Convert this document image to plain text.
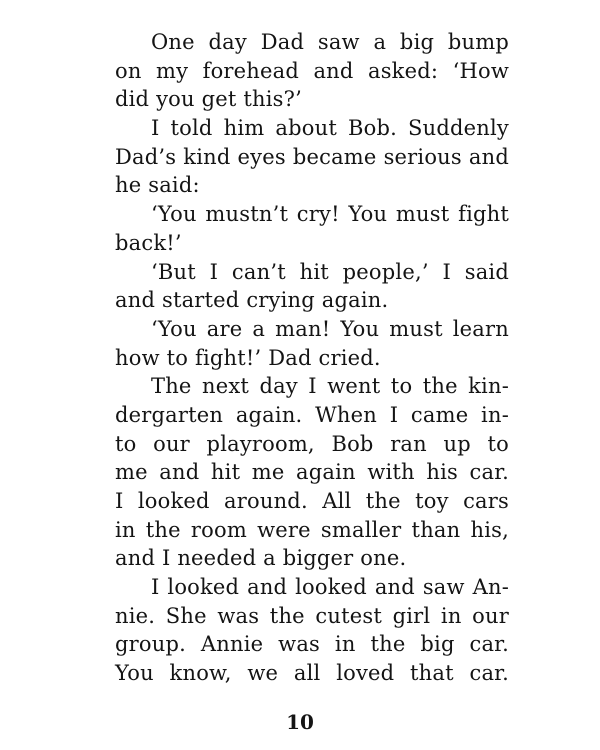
One day Dad saw a big bump
on my forehead and asked: ‘How
did you get this?’
I told him about Bob. Suddenly
Dad’s kind eyes became serious and
he said:
‘You mustn’t cry! You must fight
back!’
‘But I can’t hit people,’ I said
and started crying again.
‘You are a man! You must learn
how to fight!’ Dad cried.
The next day I went to the kin-
dergarten again. When I came in-
to our playroom, Bob ran up to
me and hit me again with his car.
I looked around. All the toy cars
in the room were smaller than his,
and I needed a bigger one.
I looked and looked and saw An-
nie. She was the cutest girl in our
group. Annie was in the big car.
You know, we all loved that car.
10
